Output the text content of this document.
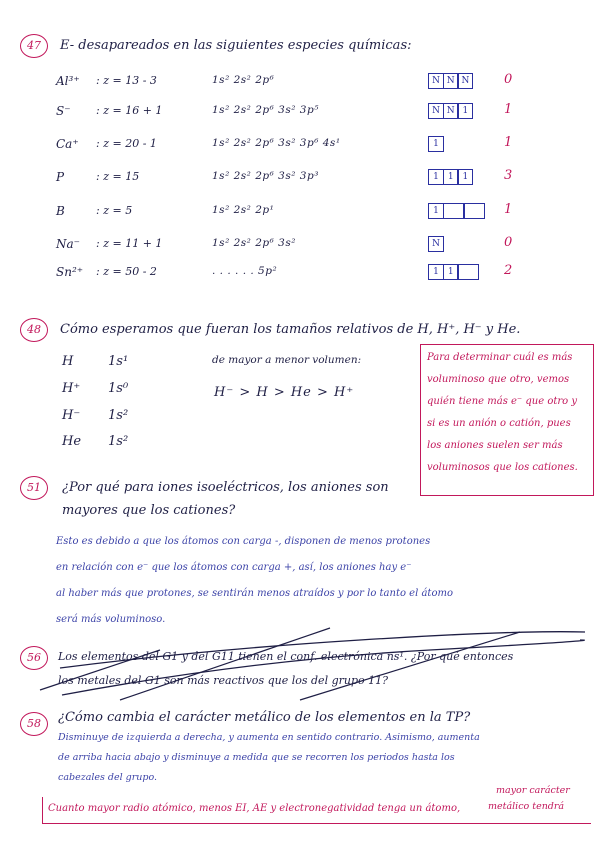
47	E- desapareados en las siguientes especies químicas:
Al³⁺ : z = 13 - 3	1s² 2s² 2p⁶	N N N	0
S⁻ : z = 16 + 1	1s² 2s² 2p⁶ 3s² 3p⁵	N N 1	1
Ca⁺ : z = 20 - 1	1s² 2s² 2p⁶ 3s² 3p⁶ 4s¹	1	1
P	: z = 15	1s² 2s² 2p⁶ 3s² 3p³	1 1 1	3
B	: z = 5	1s² 2s² 2p¹	1	1
Na⁻ : z = 11 + 1	1s² 2s² 2p⁶ 3s²	N	0
Sn²⁺ : z = 50 - 2	. . . . . . 5p²	1 1	2
48	Cómo esperamos que fueran los tamaños relativos de H, H⁺, H⁻ y He.
H	1s¹
H⁺ 1s⁰
H⁻ 1s²
He 1s²
de mayor a menor volumen:
H⁻ > H > He > H⁺
Para determinar cuál es más voluminoso que otro, vemos quién tiene más e⁻ que otro y si es un anión o catión, pues los aniones suelen ser más voluminosos que los cationes.
51	¿Por qué para iones isoeléctricos, los aniones son
mayores que los cationes?
Esto es debido a que los átomos con carga -, disponen de menos protones
en relación con e⁻ que los átomos con carga +, así, los aniones hay e⁻
al haber más que protones, se sentirán menos atraídos y por lo tanto el átomo
será más voluminoso.
56	Los elementos del G1 y del G11 tienen el conf. electrónica ns¹. ¿Por qué entonces
los metales del G1 son más reactivos que los del grupo 11?
58	¿Cómo cambia el carácter metálico de los elementos en la TP?
Disminuye de izquierda a derecha, y aumenta en sentido contrario. Asimismo, aumenta
de arriba hacia abajo y disminuye a medida que se recorren los periodos hasta los
cabezales del grupo.
Cuanto mayor radio atómico, menos EI, AE y electronegatividad tenga un átomo,
mayor carácter
metálico tendrá
